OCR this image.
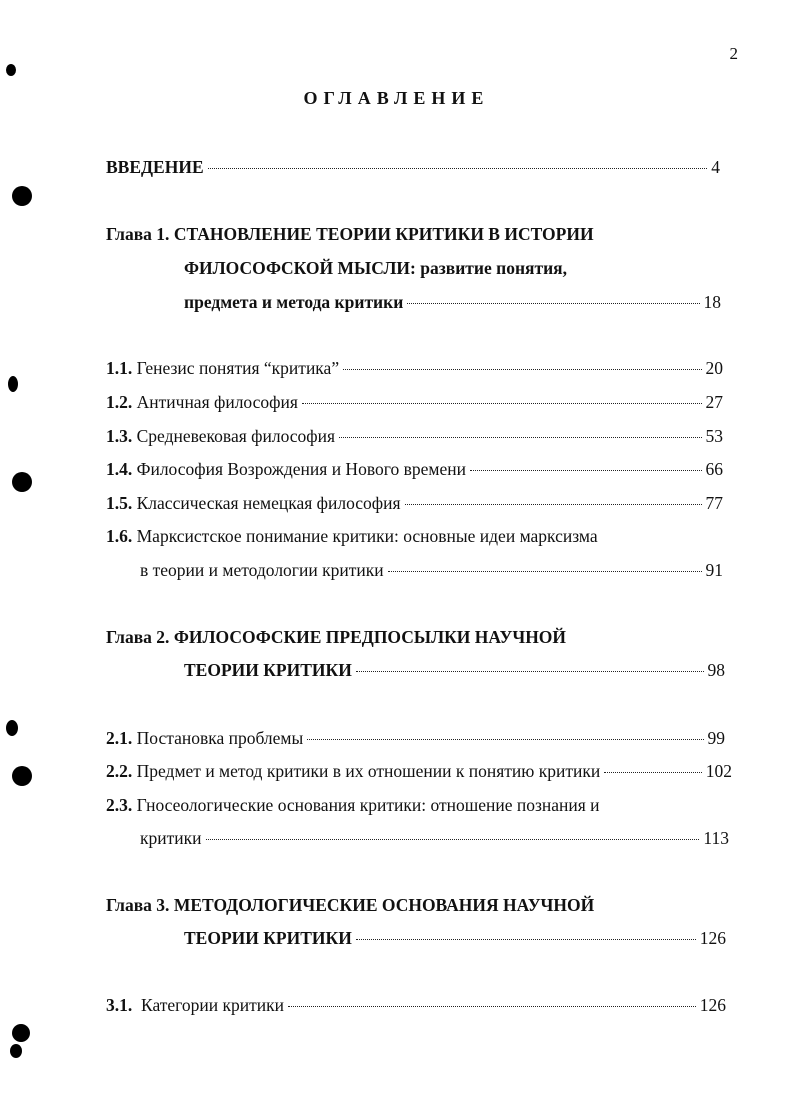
2
ОГЛАВЛЕНИЕ
ВВЕДЕНИЕ	4
Глава 1.
СТАНОВЛЕНИЕ ТЕОРИИ КРИТИКИ В ИСТОРИИ
ФИЛОСОФСКОЙ МЫСЛИ:
развитие понятия,
предмета и метода критики	18
1.1. Генезис понятия “критика”	20
1.2. Античная философия	27
1.3. Средневековая философия	53
1.4. Философия Возрождения и Нового времени	66
1.5. Классическая немецкая философия	77
1.6. Марксистское понимание критики: основные идеи марксизма
в теории и методологии критики	91
Глава 2.
ФИЛОСОФСКИЕ ПРЕДПОСЫЛКИ НАУЧНОЙ
ТЕОРИИ КРИТИКИ	98
2.1. Постановка проблемы	99
2.2. Предмет и метод критики в их отношении к понятию критики	102
2.3. Гносеологические основания критики: отношение познания и
критики	113
Глава 3.
МЕТОДОЛОГИЧЕСКИЕ ОСНОВАНИЯ НАУЧНОЙ
ТЕОРИИ КРИТИКИ	126
3.1. Категории критики	126
